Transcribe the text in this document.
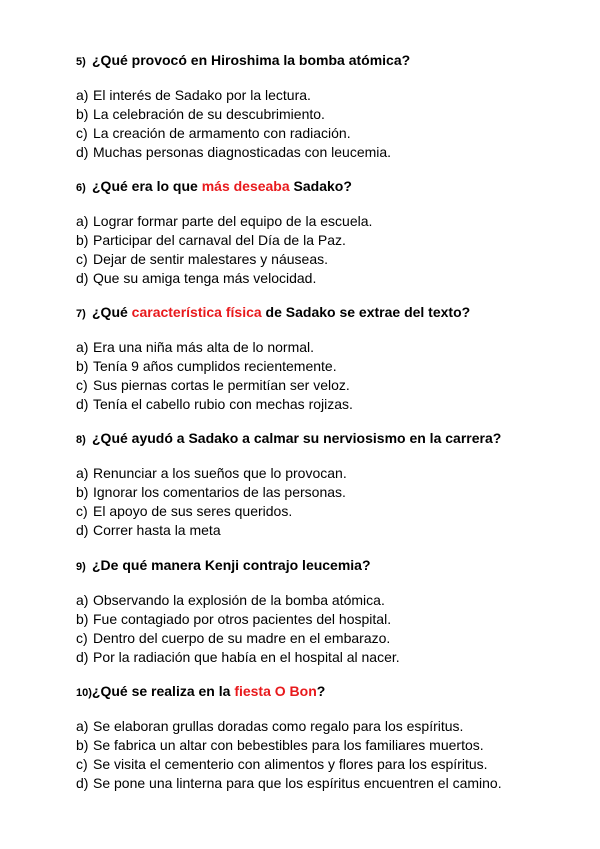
5) ¿Qué provocó en Hiroshima la bomba atómica?
a) El interés de Sadako por la lectura.
b) La celebración de su descubrimiento.
c) La creación de armamento con radiación.
d) Muchas personas diagnosticadas con leucemia.
6) ¿Qué era lo que más deseaba Sadako?
a) Lograr formar parte del equipo de la escuela.
b) Participar del carnaval del Día de la Paz.
c) Dejar de sentir malestares y náuseas.
d) Que su amiga tenga más velocidad.
7) ¿Qué característica física de Sadako se extrae del texto?
a) Era una niña más alta de lo normal.
b) Tenía 9 años cumplidos recientemente.
c) Sus piernas cortas le permitían ser veloz.
d) Tenía el cabello rubio con mechas rojizas.
8) ¿Qué ayudó a Sadako a calmar su nerviosismo en la carrera?
a) Renunciar a los sueños que lo provocan.
b) Ignorar los comentarios de las personas.
c) El apoyo de sus seres queridos.
d) Correr hasta la meta
9) ¿De qué manera Kenji contrajo leucemia?
a) Observando la explosión de la bomba atómica.
b) Fue contagiado por otros pacientes del hospital.
c) Dentro del cuerpo de su madre en el embarazo.
d) Por la radiación que había en el hospital al nacer.
10) ¿Qué se realiza en la fiesta O Bon?
a) Se elaboran grullas doradas como regalo para los espíritus.
b) Se fabrica un altar con bebestibles para los familiares muertos.
c) Se visita el cementerio con alimentos y flores para los espíritus.
d) Se pone una linterna para que los espíritus encuentren el camino.
